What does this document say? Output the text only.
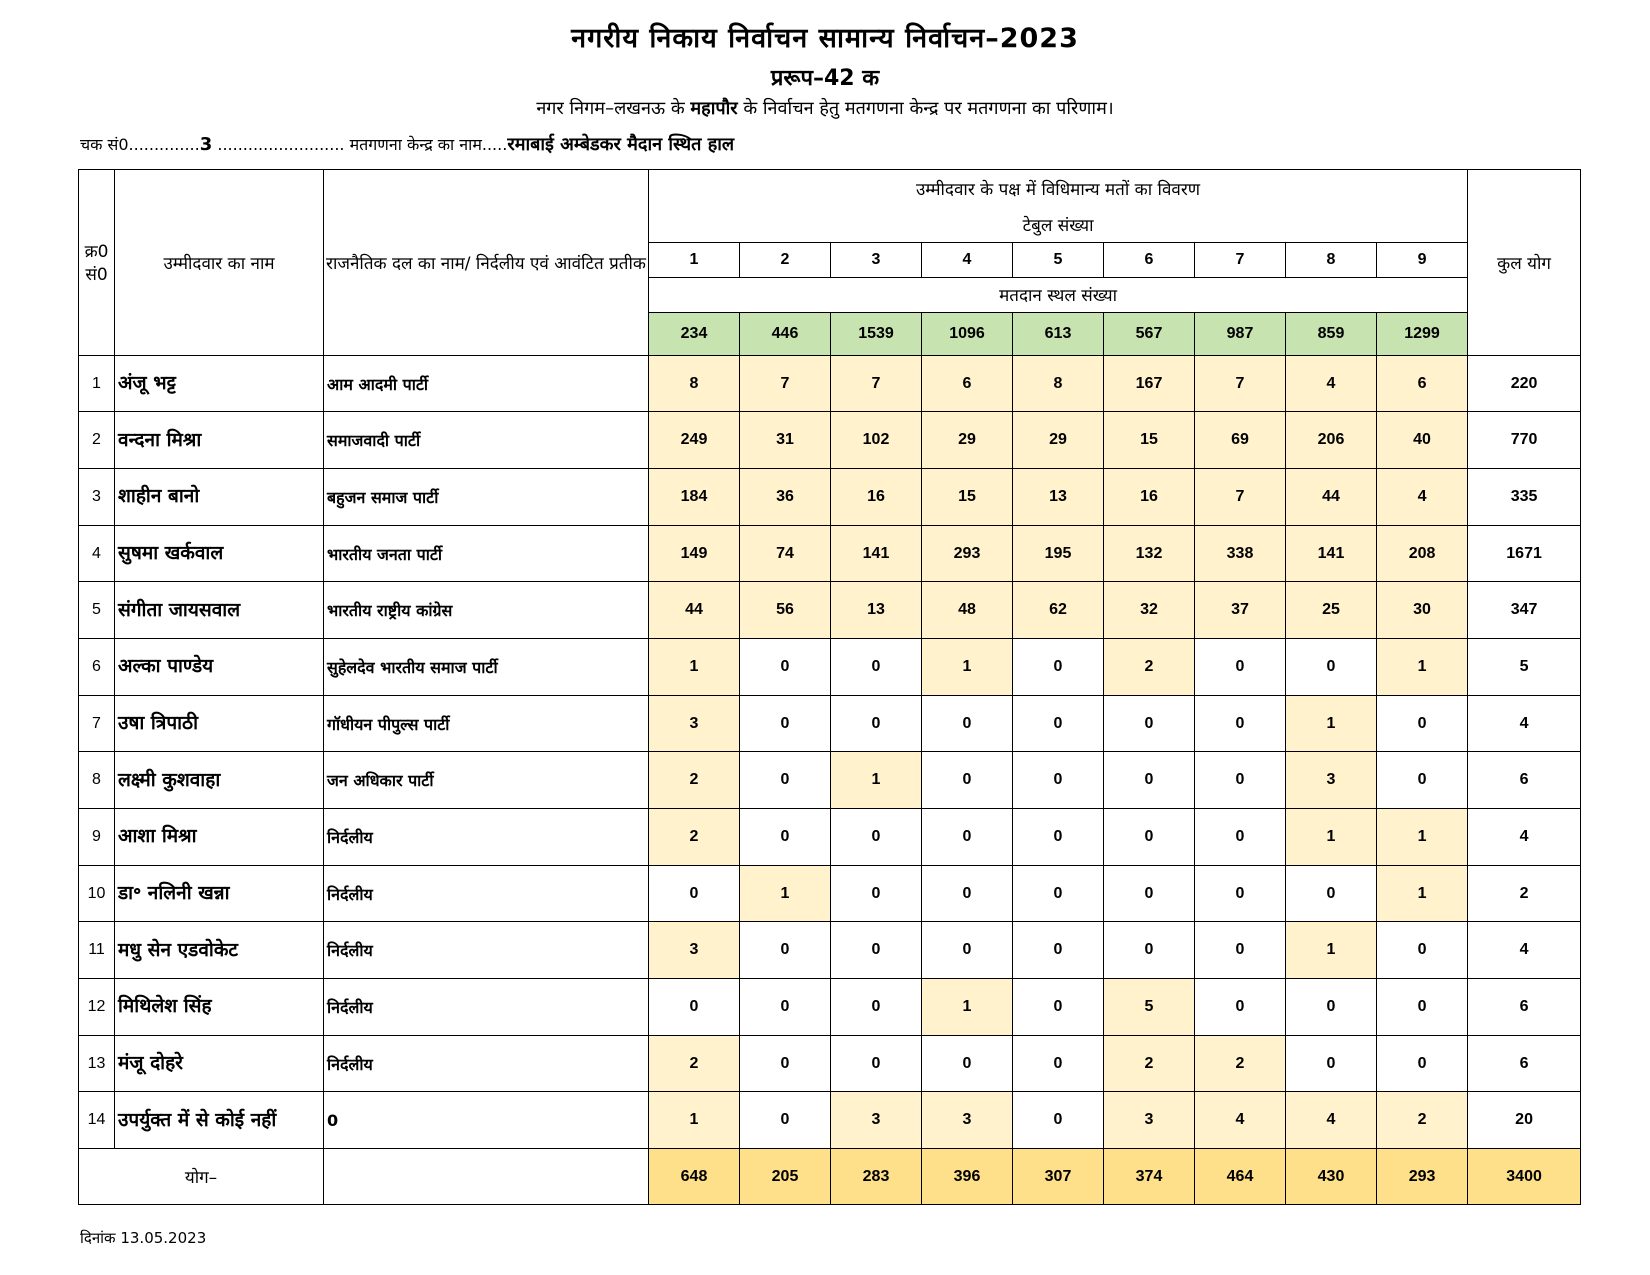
नगरीय निकाय निर्वाचन सामान्य निर्वाचन–2023
प्ररूप–42 क
नगर निगम–लखनऊ के महापौर के निर्वाचन हेतु मतगणना केन्द्र पर मतगणना का परिणाम।
चक सं0..............3 ......................... मतगणना केन्द्र का नाम.....रमाबाई अम्बेडकर मैदान स्थित हाल
क्र0 सं0	उम्मीदवार का नाम	राजनैतिक दल का नाम/ निर्दलीय एवं आवंटित प्रतीक	उम्मीदवार के पक्ष में विधिमान्य मतों का विवरण									कुल योग
			टेबुल संख्या									
			1	2	3	4	5	6	7	8	9	
			मतदान स्थल संख्या									
			234	446	1539	1096	613	567	987	859	1299	
1	अंजू भट्ट	आम आदमी पार्टी	8	7	7	6	8	167	7	4	6	220
2	वन्दना मिश्रा	समाजवादी पार्टी	249	31	102	29	29	15	69	206	40	770
3	शाहीन बानो	बहुजन समाज पार्टी	184	36	16	15	13	16	7	44	4	335
4	सुषमा खर्कवाल	भारतीय जनता पार्टी	149	74	141	293	195	132	338	141	208	1671
5	संगीता जायसवाल	भारतीय राष्ट्रीय कांग्रेस	44	56	13	48	62	32	37	25	30	347
6	अल्का पाण्डेय	सुहेलदेव भारतीय समाज पार्टी	1	0	0	1	0	2	0	0	1	5
7	उषा त्रिपाठी	गॉधीयन पीपुल्स पार्टी	3	0	0	0	0	0	0	1	0	4
8	लक्ष्मी कुशवाहा	जन अधिकार पार्टी	2	0	1	0	0	0	0	3	0	6
9	आशा मिश्रा	निर्दलीय	2	0	0	0	0	0	0	1	1	4
10	डा॰ नलिनी खन्ना	निर्दलीय	0	1	0	0	0	0	0	0	1	2
11	मधु सेन एडवोकेट	निर्दलीय	3	0	0	0	0	0	0	1	0	4
12	मिथिलेश सिंह	निर्दलीय	0	0	0	1	0	5	0	0	0	6
13	मंजू दोहरे	निर्दलीय	2	0	0	0	0	2	2	0	0	6
14	उपर्युक्त में से कोई नहीं	0	1	0	3	3	0	3	4	4	2	20
योग–			648	205	283	396	307	374	464	430	293	3400
दिनांक 13.05.2023
